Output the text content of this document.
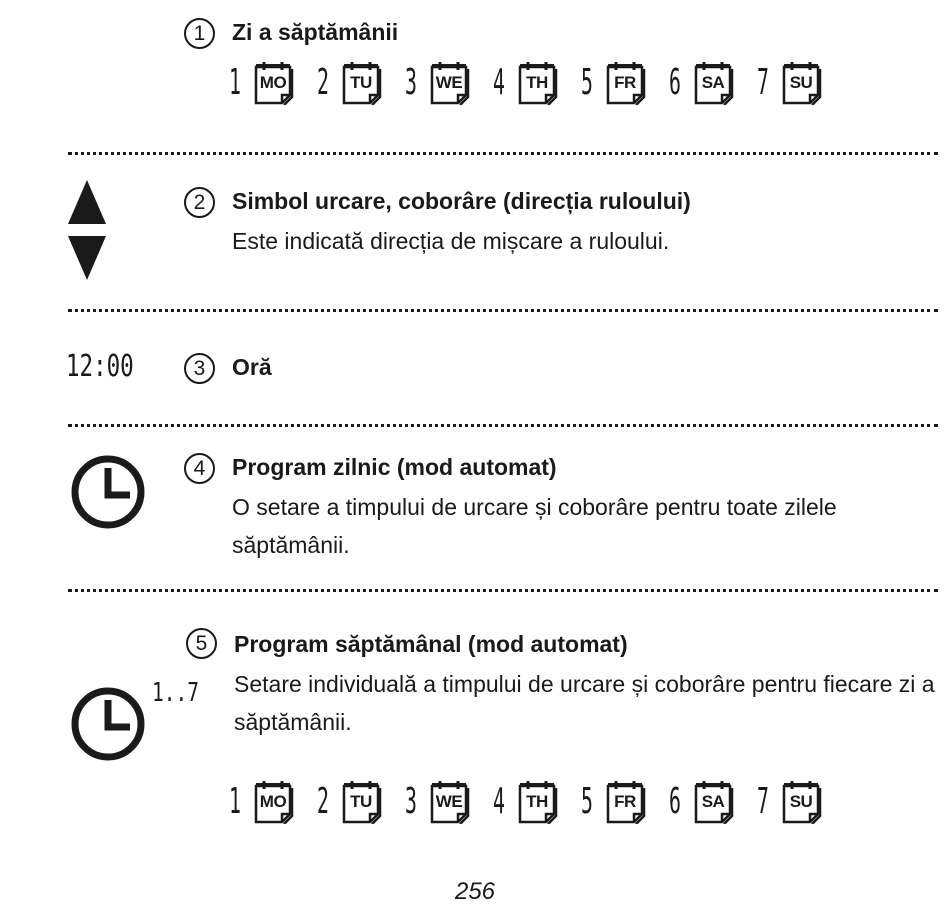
1	Zi a săptămânii
1 MO 2	TU 3 WE 4	TH 5	FR 6 SA 7 SU
2	Simbol urcare, coborâre (direcția ruloului)
Este indicată direcția de mișcare a ruloului.
12:00	3	Oră
4	Program zilnic (mod automat)
O setare a timpului de urcare și coborâre pentru toate zilele săptămânii.
1..7
5	Program săptămânal (mod automat)
Setare individuală a timpului de urcare și coborâre pentru fiecare zi a săptămânii.
1 MO 2	TU 3 WE 4	TH 5	FR 6 SA 7 SU
256
